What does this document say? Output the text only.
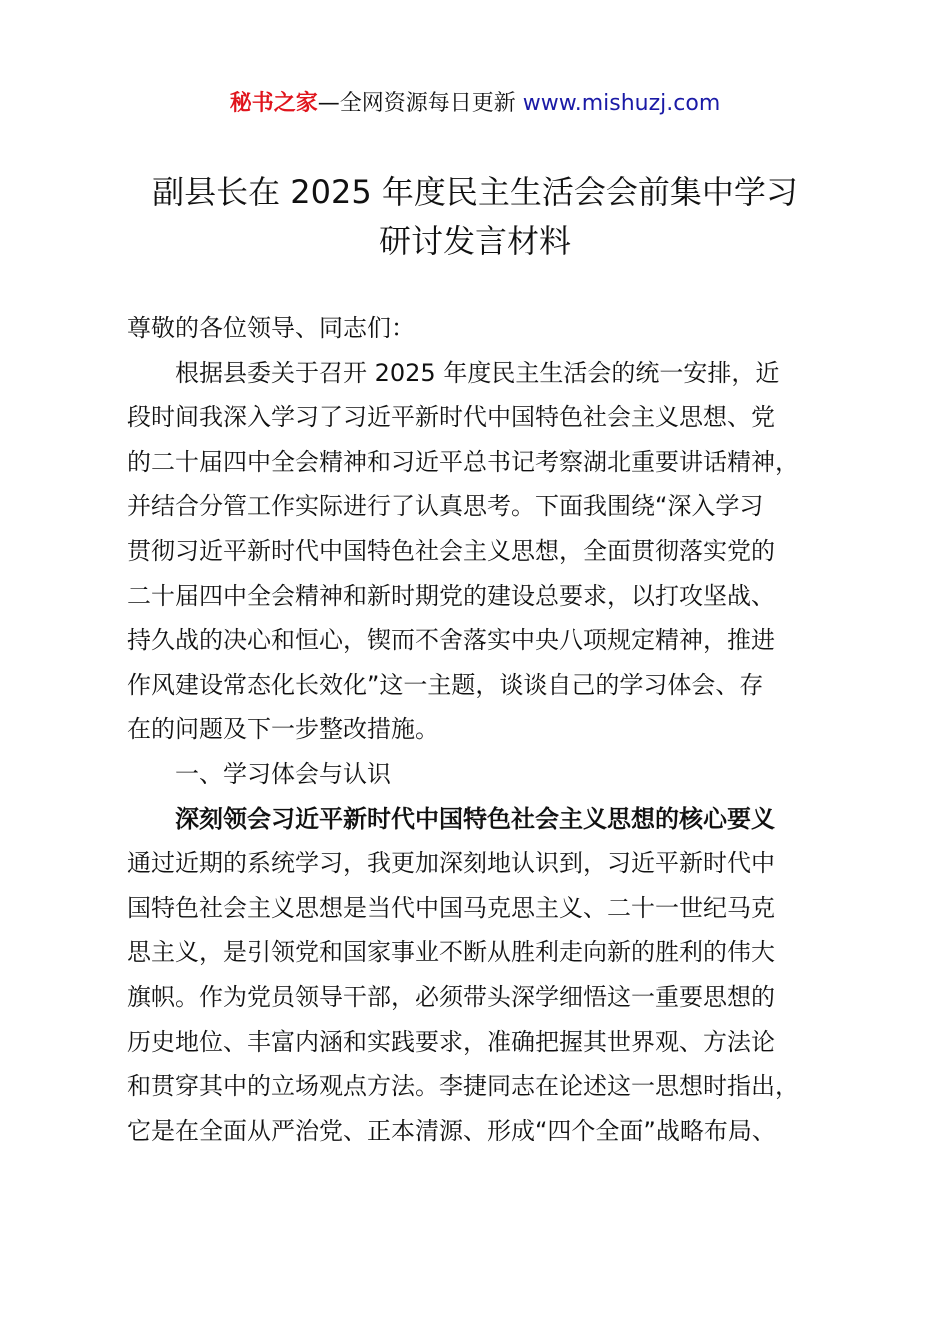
秘书之家—全网资源每日更新 www.mishuzj.com
副县长在 2025 年度民主生活会会前集中学习
研讨发言材料
尊敬的各位领导、同志们：
根据县委关于召开 2025 年度民主生活会的统一安排，近
段时间我深入学习了习近平新时代中国特色社会主义思想、党
的二十届四中全会精神和习近平总书记考察湖北重要讲话精神，
并结合分管工作实际进行了认真思考。下面我围绕“深入学习
贯彻习近平新时代中国特色社会主义思想，全面贯彻落实党的
二十届四中全会精神和新时期党的建设总要求，以打攻坚战、
持久战的决心和恒心，锲而不舍落实中央八项规定精神，推进
作风建设常态化长效化”这一主题，谈谈自己的学习体会、存
在的问题及下一步整改措施。
一、学习体会与认识
深刻领会习近平新时代中国特色社会主义思想的核心要义
通过近期的系统学习，我更加深刻地认识到，习近平新时代中
国特色社会主义思想是当代中国马克思主义、二十一世纪马克
思主义，是引领党和国家事业不断从胜利走向新的胜利的伟大
旗帜。作为党员领导干部，必须带头深学细悟这一重要思想的
历史地位、丰富内涵和实践要求，准确把握其世界观、方法论
和贯穿其中的立场观点方法。李捷同志在论述这一思想时指出，
它是在全面从严治党、正本清源、形成“四个全面”战略布局、
